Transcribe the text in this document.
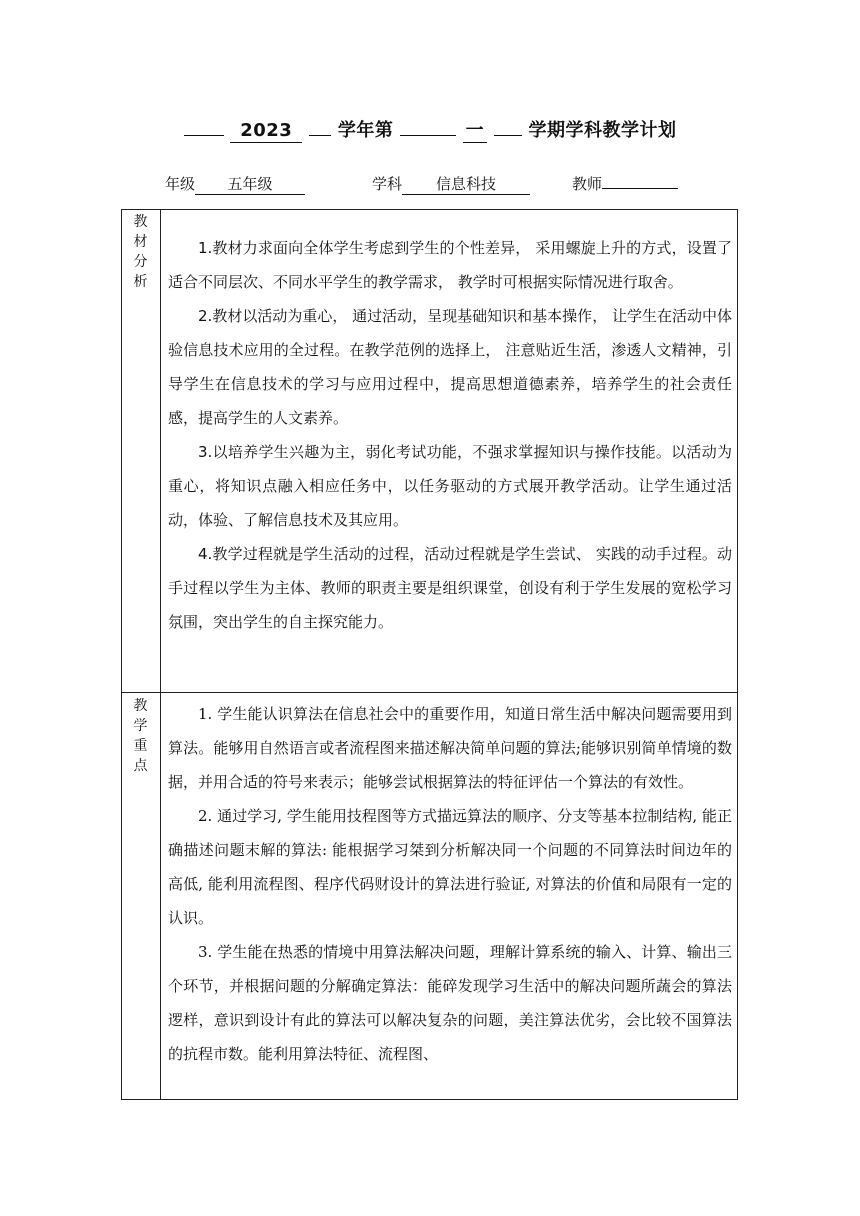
2023	学年第	一 学期学科教学计划
年级 五年级	学科 信息科技	教师
教
材
分
析

1.教材力求面向全体学生考虑到学生的个性差异， 采用螺旋上升的方式，设置了适合不同层次、不同水平学生的教学需求， 教学时可根据实际情况进行取舍。

2.教材以活动为重心， 通过活动，呈现基础知识和基本操作， 让学生在活动中体验信息技术应用的全过程。在教学范例的选择上， 注意贴近生活，渗透人文精神，引导学生在信息技术的学习与应用过程中，提高思想道德素养，培养学生的社会责任感，提高学生的人文素养。

3.以培养学生兴趣为主，弱化考试功能，不强求掌握知识与操作技能。以活动为重心，将知识点融入相应任务中，以任务驱动的方式展开教学活动。让学生通过活动，体验、了解信息技术及其应用。

4.教学过程就是学生活动的过程，活动过程就是学生尝试、 实践的动手过程。动手过程以学生为主体、教师的职责主要是组织课堂，创设有利于学生发展的宽松学习氛围，突出学生的自主探究能力。

教
学
重
点

1. 学生能认识算法在信息社会中的重要作用，知道日常生活中解决问题需要用到算法。能够用自然语言或者流程图来描述解决简单问题的算法;能够识别简单情境的数据，并用合适的符号来表示；能够尝试根据算法的特征评估一个算法的有效性。

2. 通过学习, 学生能用技程图等方式描远算法的顺序、分支等基本拉制结构, 能正确描述问题末解的算法: 能根据学习桀到分析解决同一个问题的不同算法时间边年的高低, 能利用流程图、程序代码财设计的算法进行验证, 对算法的价值和局限有一定的认识。

3. 学生能在热悉的情境中用算法解决问题，理解计算系统的输入、计算、输出三个环节，并根据问题的分解确定算法：能碎发现学习生活中的解决问题所蔬会的算法逻样，意识到设计有此的算法可以解决复杂的问题，美注算法优劣，会比较不国算法的抗程市数。能利用算法特征、流程图、
